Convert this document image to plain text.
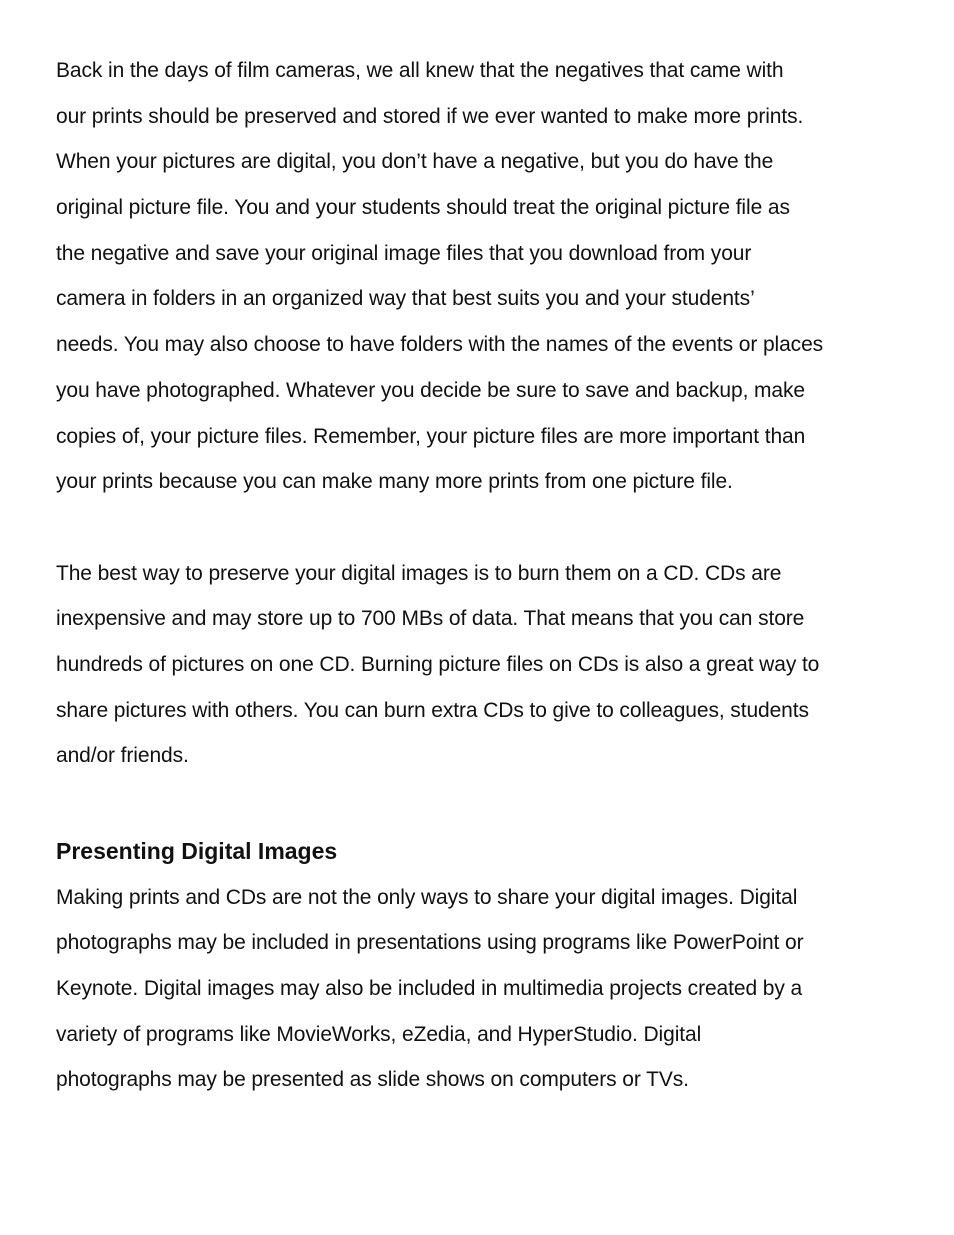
Back in the days of film cameras, we all knew that the negatives that came with
our prints should be preserved and stored if we ever wanted to make more prints.
When your pictures are digital, you don’t have a negative, but you do have the
original picture file. You and your students should treat the original picture file as
the negative and save your original image files that you download from your
camera in folders in an organized way that best suits you and your students’
needs. You may also choose to have folders with the names of the events or places
you have photographed. Whatever you decide be sure to save and backup, make
copies of, your picture files. Remember, your picture files are more important than
your prints because you can make many more prints from one picture file.
The best way to preserve your digital images is to burn them on a CD. CDs are
inexpensive and may store up to 700 MBs of data. That means that you can store
hundreds of pictures on one CD. Burning picture files on CDs is also a great way to
share pictures with others. You can burn extra CDs to give to colleagues, students
and/or friends.
Presenting Digital Images
Making prints and CDs are not the only ways to share your digital images. Digital
photographs may be included in presentations using programs like PowerPoint or
Keynote. Digital images may also be included in multimedia projects created by a
variety of programs like MovieWorks, eZedia, and HyperStudio. Digital
photographs may be presented as slide shows on computers or TVs.
